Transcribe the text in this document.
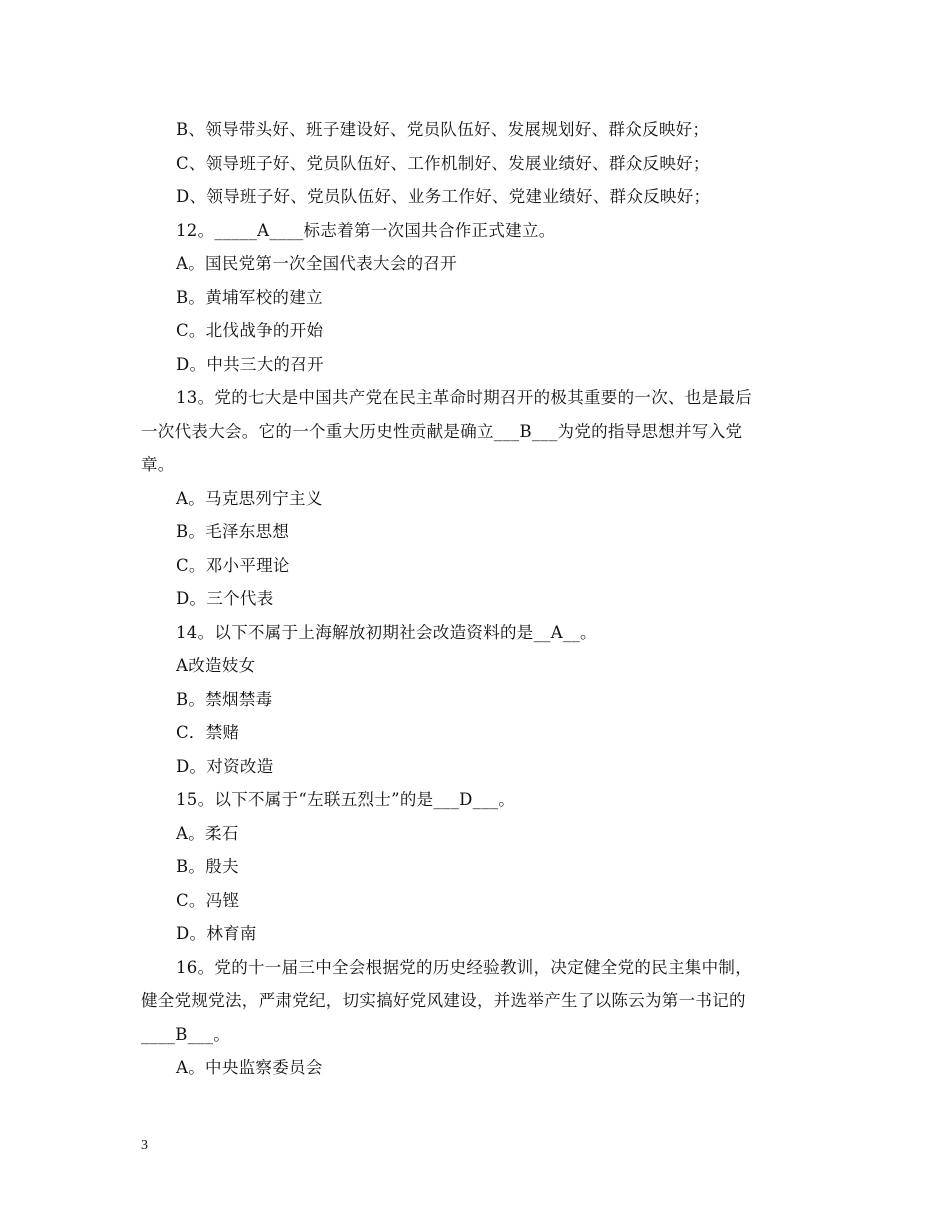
B、领导带头好、班子建设好、党员队伍好、发展规划好、群众反映好；
C、领导班子好、党员队伍好、工作机制好、发展业绩好、群众反映好；
D、领导班子好、党员队伍好、业务工作好、党建业绩好、群众反映好；
12。_____A____标志着第一次国共合作正式建立。
A。国民党第一次全国代表大会的召开
B。黄埔军校的建立
C。北伐战争的开始
D。中共三大的召开
13。党的七大是中国共产党在民主革命时期召开的极其重要的一次、也是最后
一次代表大会。它的一个重大历史性贡献是确立___B___为党的指导思想并写入党
章。
A。马克思列宁主义
B。毛泽东思想
C。邓小平理论
D。三个代表
14。以下不属于上海解放初期社会改造资料的是__A__。
A改造妓女
B。禁烟禁毒
C．禁赌
D。对资改造
15。以下不属于“左联五烈士”的是___D___。
A。柔石
B。殷夫
C。冯铿
D。林育南
16。党的十一届三中全会根据党的历史经验教训，决定健全党的民主集中制，
健全党规党法，严肃党纪，切实搞好党风建设，并选举产生了以陈云为第一书记的
____B___。
A。中央监察委员会
3
